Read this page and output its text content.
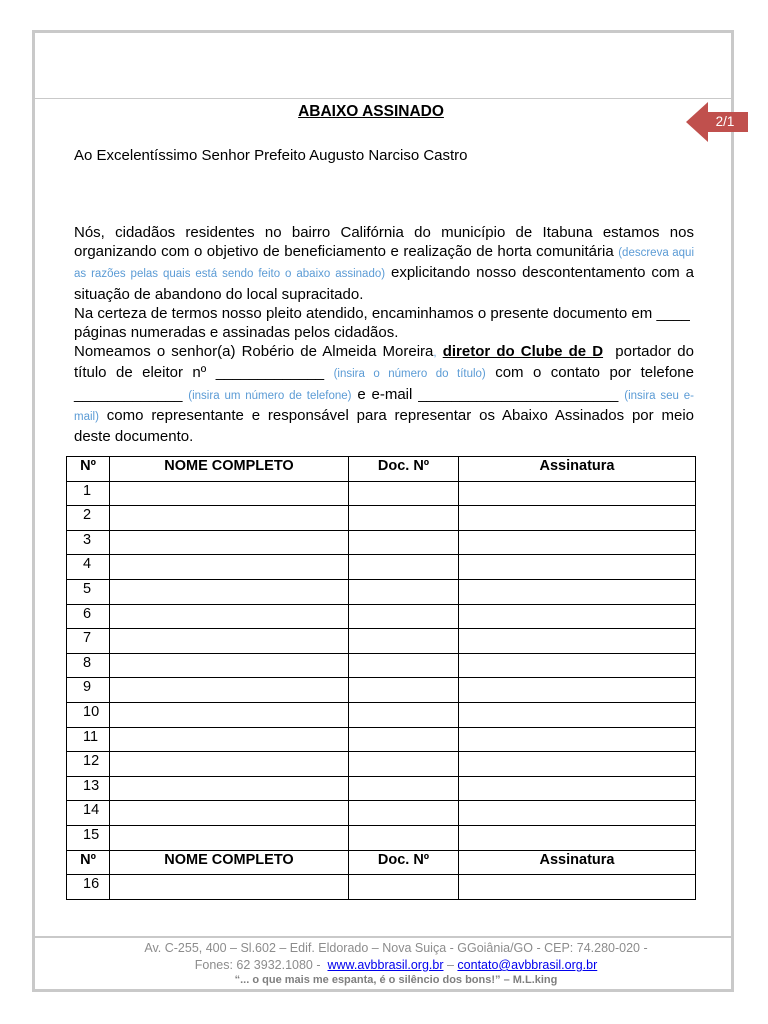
ABAIXO ASSINADO
2/1
Ao Excelentíssimo Senhor Prefeito Augusto Narciso Castro

Nós, cidadãos residentes no bairro Califórnia do município de Itabuna estamos nos organizando com o objetivo de beneficiamento e realização de horta comunitária (descreva aqui as razões pelas quais está sendo feito o abaixo assinado) explicitando nosso descontentamento com a situação de abandono do local supracitado.

Na certeza de termos nosso pleito atendido, encaminhamos o presente documento em ____  páginas numeradas e assinadas pelos cidadãos.

Nomeamos o senhor(a) Robério de Almeida Moreira, diretor do Clube de D portador do título de eleitor nº _____________ (insira o número do título) com o contato por telefone _____________ (insira um número de telefone) e e-mail ________________________ (insira seu e-mail) como representante e responsável para representar os Abaixo Assinados por meio deste documento.

Nº	NOME COMPLETO	Doc. Nº	Assinatura
1			
2			
3			
4			
5			
6			
7			
8			
9			
10			
11			
12			
13			
14			
15			
Nº	NOME COMPLETO	Doc. Nº	Assinatura
16			
Av. C-255, 400 – Sl.602 – Edif. Eldorado – Nova Suiça - GGoiânia/GO - CEP: 74.280-020 -
Fones: 62 3932.1080 - www.avbbrasil.org.br – contato@avbbrasil.org.br
“... o que mais me espanta, é o silêncio dos bons!” – M.L.king
